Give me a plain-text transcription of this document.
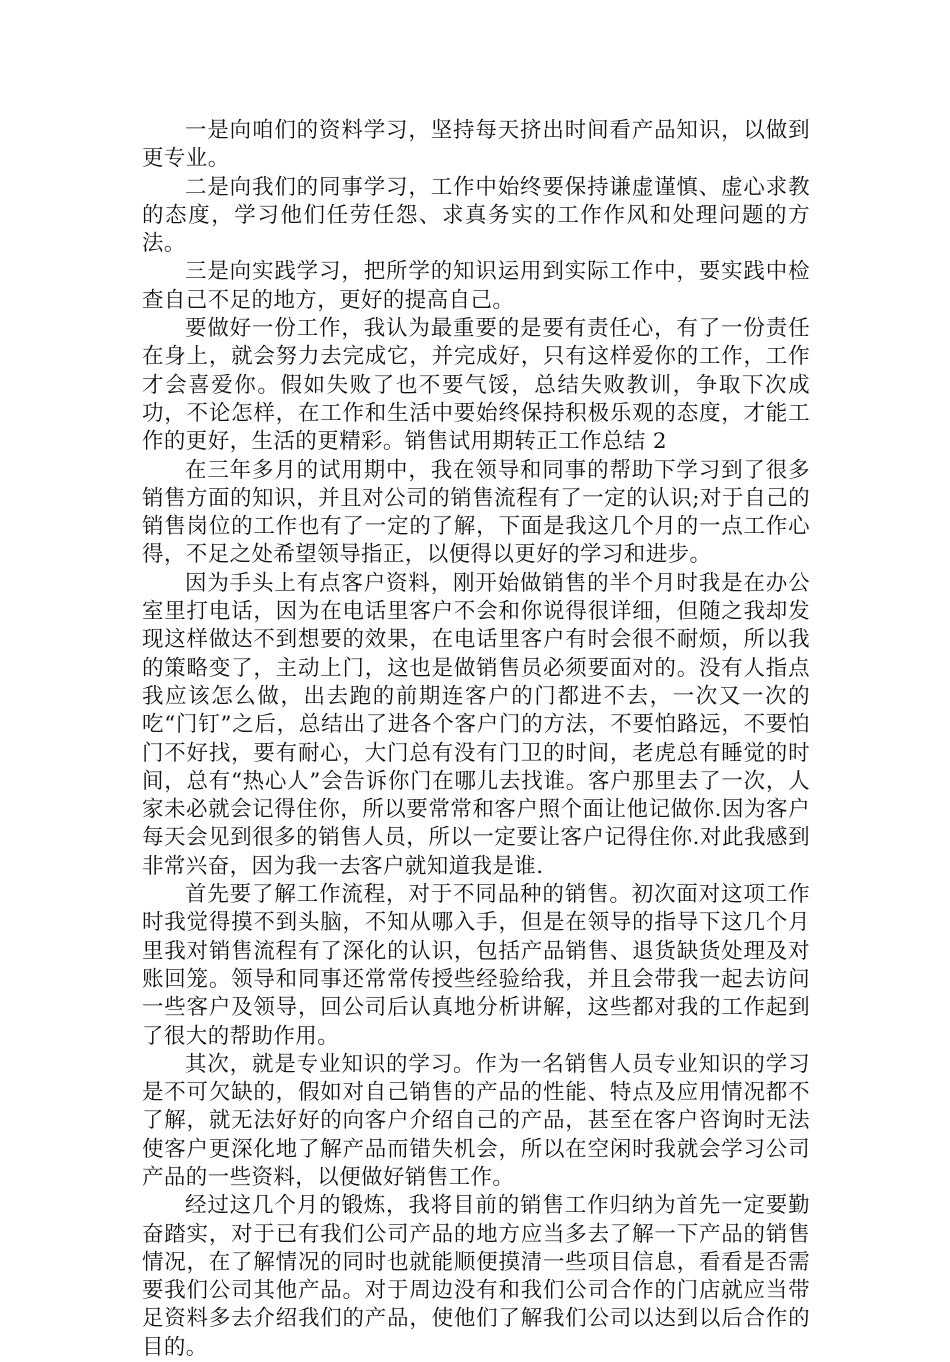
一是向咱们的资料学习，坚持每天挤出时间看产品知识，以做到更专业。

二是向我们的同事学习，工作中始终要保持谦虚谨慎、虚心求教的态度，学习他们任劳任怨、求真务实的工作作风和处理问题的方法。

三是向实践学习，把所学的知识运用到实际工作中，要实践中检查自己不足的地方，更好的提高自己。

要做好一份工作，我认为最重要的是要有责任心，有了一份责任在身上，就会努力去完成它，并完成好，只有这样爱你的工作，工作才会喜爱你。假如失败了也不要气馁，总结失败教训，争取下次成功，不论怎样，在工作和生活中要始终保持积极乐观的态度，才能工作的更好，生活的更精彩。销售试用期转正工作总结 2

在三年多月的试用期中，我在领导和同事的帮助下学习到了很多销售方面的知识，并且对公司的销售流程有了一定的认识;对于自己的销售岗位的工作也有了一定的了解，下面是我这几个月的一点工作心得，不足之处希望领导指正，以便得以更好的学习和进步。

因为手头上有点客户资料，刚开始做销售的半个月时我是在办公室里打电话，因为在电话里客户不会和你说得很详细，但随之我却发现这样做达不到想要的效果，在电话里客户有时会很不耐烦，所以我的策略变了，主动上门，这也是做销售员必须要面对的。没有人指点我应该怎么做，出去跑的前期连客户的门都进不去，一次又一次的吃“门钉”之后，总结出了进各个客户门的方法，不要怕路远，不要怕门不好找，要有耐心，大门总有没有门卫的时间，老虎总有睡觉的时间，总有“热心人”会告诉你门在哪儿去找谁。客户那里去了一次，人家未必就会记得住你，所以要常常和客户照个面让他记做你.因为客户每天会见到很多的销售人员，所以一定要让客户记得住你.对此我感到非常兴奋，因为我一去客户就知道我是谁.

首先要了解工作流程，对于不同品种的销售。初次面对这项工作时我觉得摸不到头脑，不知从哪入手，但是在领导的指导下这几个月里我对销售流程有了深化的认识，包括产品销售、退货缺货处理及对账回笼。领导和同事还常常传授些经验给我，并且会带我一起去访问一些客户及领导，回公司后认真地分析讲解，这些都对我的工作起到了很大的帮助作用。

其次，就是专业知识的学习。作为一名销售人员专业知识的学习是不可欠缺的，假如对自己销售的产品的性能、特点及应用情况都不了解，就无法好好的向客户介绍自己的产品，甚至在客户咨询时无法使客户更深化地了解产品而错失机会，所以在空闲时我就会学习公司产品的一些资料，以便做好销售工作。

经过这几个月的锻炼，我将目前的销售工作归纳为首先一定要勤奋踏实，对于已有我们公司产品的地方应当多去了解一下产品的销售情况，在了解情况的同时也就能顺便摸清一些项目信息，看看是否需要我们公司其他产品。对于周边没有和我们公司合作的门店就应当带足资料多去介绍我们的产品，使他们了解我们公司以达到以后合作的目的。
